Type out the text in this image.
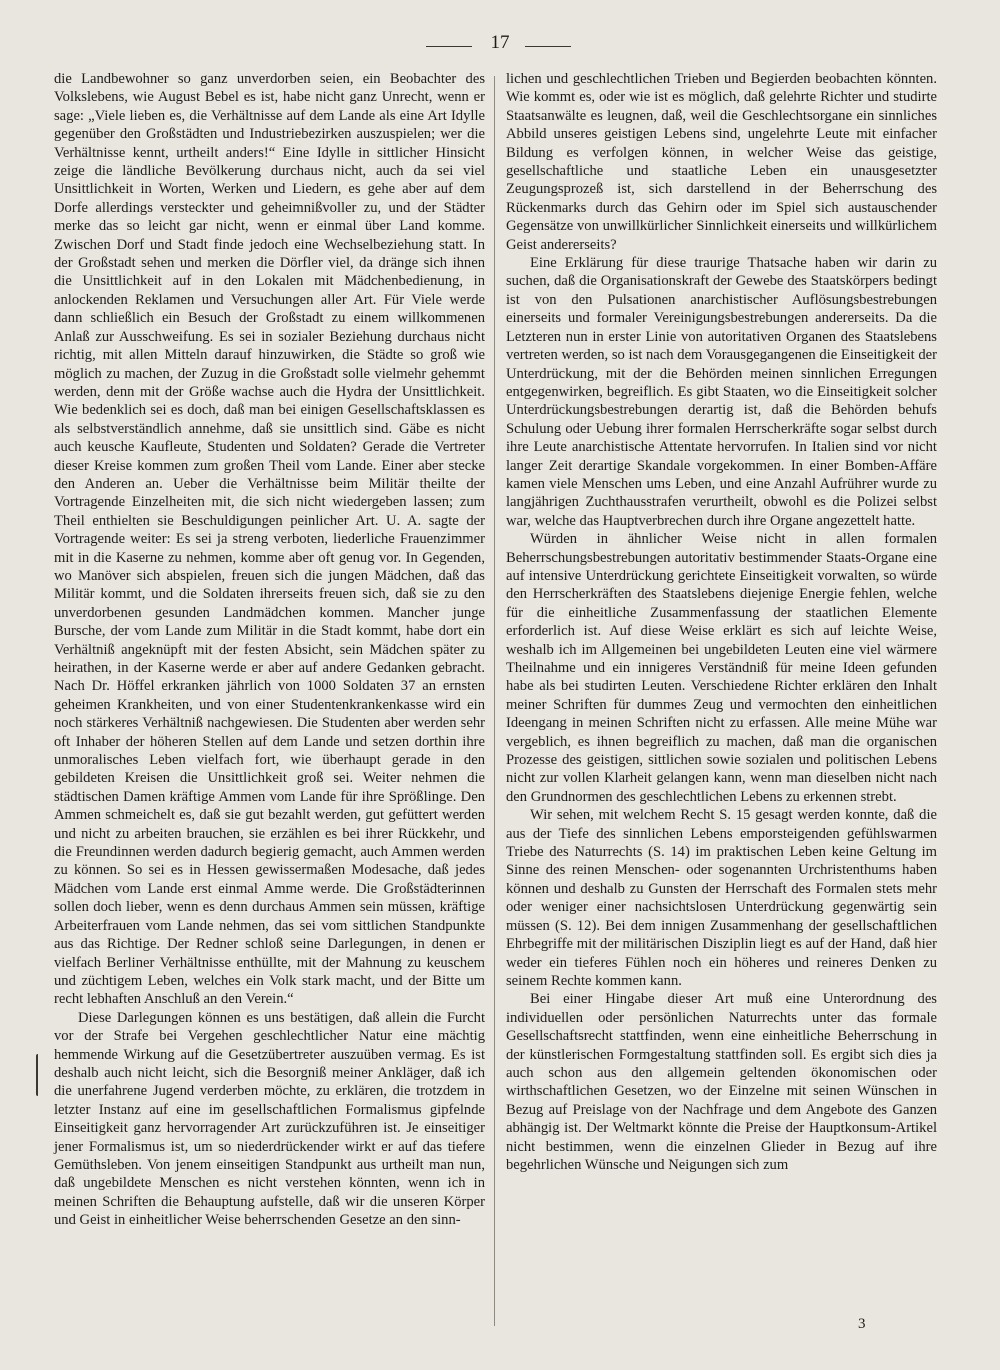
17

die Landbewohner so ganz unverdorben seien, ein Beobachter des Volkslebens, wie August Bebel es ist, habe nicht ganz Unrecht, wenn er sage: „Viele lieben es, die Verhältnisse auf dem Lande als eine Art Idylle gegenüber den Großstädten und Industriebezirken auszuspielen; wer die Verhältnisse kennt, urtheilt anders!“ Eine Idylle in sittlicher Hinsicht zeige die ländliche Bevölkerung durchaus nicht, auch da sei viel Unsittlichkeit in Worten, Werken und Liedern, es gehe aber auf dem Dorfe allerdings versteckter und geheimnißvoller zu, und der Städter merke das so leicht gar nicht, wenn er einmal über Land komme. Zwischen Dorf und Stadt finde jedoch eine Wechselbeziehung statt. In der Großstadt sehen und merken die Dörfler viel, da dränge sich ihnen die Unsittlichkeit auf in den Lokalen mit Mädchenbedienung, in anlockenden Reklamen und Versuchungen aller Art. Für Viele werde dann schließlich ein Besuch der Großstadt zu einem willkommenen Anlaß zur Ausschweifung. Es sei in sozialer Beziehung durchaus nicht richtig, mit allen Mitteln darauf hinzuwirken, die Städte so groß wie möglich zu machen, der Zuzug in die Großstadt solle vielmehr gehemmt werden, denn mit der Größe wachse auch die Hydra der Unsittlichkeit. Wie bedenklich sei es doch, daß man bei einigen Gesellschaftsklassen es als selbstverständlich annehme, daß sie unsittlich sind. Gäbe es nicht auch keusche Kaufleute, Studenten und Soldaten? Gerade die Vertreter dieser Kreise kommen zum großen Theil vom Lande. Einer aber stecke den Anderen an. Ueber die Verhältnisse beim Militär theilte der Vortragende Einzelheiten mit, die sich nicht wiedergeben lassen; zum Theil enthielten sie Beschuldigungen peinlicher Art. U. A. sagte der Vortragende weiter: Es sei ja streng verboten, liederliche Frauenzimmer mit in die Kaserne zu nehmen, komme aber oft genug vor. In Gegenden, wo Manöver sich abspielen, freuen sich die jungen Mädchen, daß das Militär kommt, und die Soldaten ihrerseits freuen sich, daß sie zu den unverdorbenen gesunden Landmädchen kommen. Mancher junge Bursche, der vom Lande zum Militär in die Stadt kommt, habe dort ein Verhältniß angeknüpft mit der festen Absicht, sein Mädchen später zu heirathen, in der Kaserne werde er aber auf andere Gedanken gebracht. Nach Dr. Höffel erkranken jährlich von 1000 Soldaten 37 an ernsten geheimen Krankheiten, und von einer Studentenkrankenkasse wird ein noch stärkeres Verhältniß nachgewiesen. Die Studenten aber werden sehr oft Inhaber der höheren Stellen auf dem Lande und setzen dorthin ihre unmoralisches Leben vielfach fort, wie überhaupt gerade in den gebildeten Kreisen die Unsittlichkeit groß sei. Weiter nehmen die städtischen Damen kräftige Ammen vom Lande für ihre Sprößlinge. Den Ammen schmeichelt es, daß sie gut bezahlt werden, gut gefüttert werden und nicht zu arbeiten brauchen, sie erzählen es bei ihrer Rückkehr, und die Freundinnen werden dadurch begierig gemacht, auch Ammen werden zu können. So sei es in Hessen gewissermaßen Modesache, daß jedes Mädchen vom Lande erst einmal Amme werde. Die Großstädterinnen sollen doch lieber, wenn es denn durchaus Ammen sein müssen, kräftige Arbeiterfrauen vom Lande nehmen, das sei vom sittlichen Standpunkte aus das Richtige. Der Redner schloß seine Darlegungen, in denen er vielfach Berliner Verhältnisse enthüllte, mit der Mahnung zu keuschem und züchtigem Leben, welches ein Volk stark macht, und der Bitte um recht lebhaften Anschluß an den Verein.“

Diese Darlegungen können es uns bestätigen, daß allein die Furcht vor der Strafe bei Vergehen geschlechtlicher Natur eine mächtig hemmende Wirkung auf die Gesetzübertreter auszuüben vermag. Es ist deshalb auch nicht leicht, sich die Besorgniß meiner Ankläger, daß ich die unerfahrene Jugend verderben möchte, zu erklären, die trotzdem in letzter Instanz auf eine im gesellschaftlichen Formalismus gipfelnde Einseitigkeit ganz hervorragender Art zurückzuführen ist. Je einseitiger jener Formalismus ist, um so niederdrückender wirkt er auf das tiefere Gemüthsleben. Von jenem einseitigen Standpunkt aus urtheilt man nun, daß ungebildete Menschen es nicht verstehen könnten, wenn ich in meinen Schriften die Behauptung aufstelle, daß wir die unseren Körper und Geist in einheitlicher Weise beherrschenden Gesetze an den sinn-

lichen und geschlechtlichen Trieben und Begierden beobachten könnten. Wie kommt es, oder wie ist es möglich, daß gelehrte Richter und studirte Staatsanwälte es leugnen, daß, weil die Geschlechtsorgane ein sinnliches Abbild unseres geistigen Lebens sind, ungelehrte Leute mit einfacher Bildung es verfolgen können, in welcher Weise das geistige, gesellschaftliche und staatliche Leben ein unausgesetzter Zeugungsprozeß ist, sich darstellend in der Beherrschung des Rückenmarks durch das Gehirn oder im Spiel sich austauschender Gegensätze von unwillkürlicher Sinnlichkeit einerseits und willkürlichem Geist andererseits?

Eine Erklärung für diese traurige Thatsache haben wir darin zu suchen, daß die Organisationskraft der Gewebe des Staatskörpers bedingt ist von den Pulsationen anarchistischer Auflösungsbestrebungen einerseits und formaler Vereinigungsbestrebungen andererseits. Da die Letzteren nun in erster Linie von autoritativen Organen des Staatslebens vertreten werden, so ist nach dem Vorausgegangenen die Einseitigkeit der Unterdrückung, mit der die Behörden meinen sinnlichen Erregungen entgegenwirken, begreiflich. Es gibt Staaten, wo die Einseitigkeit solcher Unterdrückungsbestrebungen derartig ist, daß die Behörden behufs Schulung oder Uebung ihrer formalen Herrscherkräfte sogar selbst durch ihre Leute anarchistische Attentate hervorrufen. In Italien sind vor nicht langer Zeit derartige Skandale vorgekommen. In einer Bomben-Affäre kamen viele Menschen ums Leben, und eine Anzahl Aufrührer wurde zu langjährigen Zuchthausstrafen verurtheilt, obwohl es die Polizei selbst war, welche das Hauptverbrechen durch ihre Organe angezettelt hatte.

Würden in ähnlicher Weise nicht in allen formalen Beherrschungsbestrebungen autoritativ bestimmender Staats-Organe eine auf intensive Unterdrückung gerichtete Einseitigkeit vorwalten, so würde den Herrscherkräften des Staatslebens diejenige Energie fehlen, welche für die einheitliche Zusammenfassung der staatlichen Elemente erforderlich ist. Auf diese Weise erklärt es sich auf leichte Weise, weshalb ich im Allgemeinen bei ungebildeten Leuten eine viel wärmere Theilnahme und ein innigeres Verständniß für meine Ideen gefunden habe als bei studirten Leuten. Verschiedene Richter erklären den Inhalt meiner Schriften für dummes Zeug und vermochten den einheitlichen Ideengang in meinen Schriften nicht zu erfassen. Alle meine Mühe war vergeblich, es ihnen begreiflich zu machen, daß man die organischen Prozesse des geistigen, sittlichen sowie sozialen und politischen Lebens nicht zur vollen Klarheit gelangen kann, wenn man dieselben nicht nach den Grundnormen des geschlechtlichen Lebens zu erkennen strebt.

Wir sehen, mit welchem Recht S. 15 gesagt werden konnte, daß die aus der Tiefe des sinnlichen Lebens emporsteigenden gefühlswarmen Triebe des Naturrechts (S. 14) im praktischen Leben keine Geltung im Sinne des reinen Menschen- oder sogenannten Urchristenthums haben können und deshalb zu Gunsten der Herrschaft des Formalen stets mehr oder weniger einer nachsichtslosen Unterdrückung gegenwärtig sein müssen (S. 12). Bei dem innigen Zusammenhang der gesellschaftlichen Ehrbegriffe mit der militärischen Disziplin liegt es auf der Hand, daß hier weder ein tieferes Fühlen noch ein höheres und reineres Denken zu seinem Rechte kommen kann.

Bei einer Hingabe dieser Art muß eine Unterordnung des individuellen oder persönlichen Naturrechts unter das formale Gesellschaftsrecht stattfinden, wenn eine einheitliche Beherrschung in der künstlerischen Formgestaltung stattfinden soll. Es ergibt sich dies ja auch schon aus den allgemein geltenden ökonomischen oder wirthschaftlichen Gesetzen, wo der Einzelne mit seinen Wünschen in Bezug auf Preislage von der Nachfrage und dem Angebote des Ganzen abhängig ist. Der Weltmarkt könnte die Preise der Hauptkonsum-Artikel nicht bestimmen, wenn die einzelnen Glieder in Bezug auf ihre begehrlichen Wünsche und Neigungen sich zum

3
